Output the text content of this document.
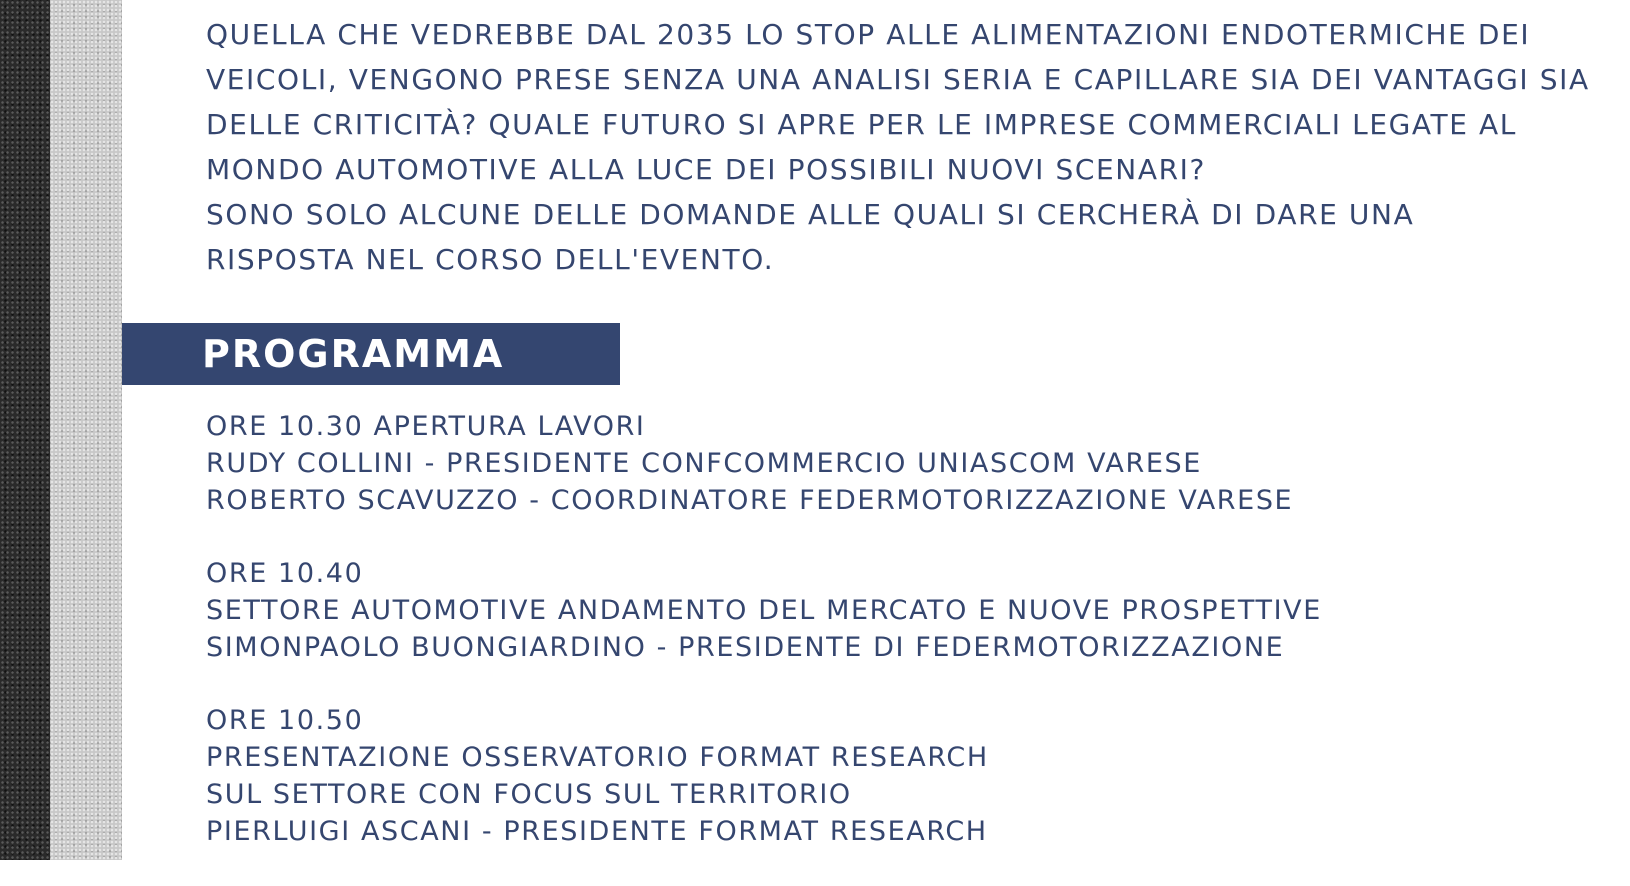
QUELLA CHE VEDREBBE DAL 2035 LO STOP ALLE ALIMENTAZIONI ENDOTERMICHE DEI
VEICOLI, VENGONO PRESE SENZA UNA ANALISI SERIA E CAPILLARE SIA DEI VANTAGGI SIA
DELLE CRITICITÀ? QUALE FUTURO SI APRE PER LE IMPRESE COMMERCIALI LEGATE AL
MONDO AUTOMOTIVE ALLA LUCE DEI POSSIBILI NUOVI SCENARI?
SONO SOLO ALCUNE DELLE DOMANDE ALLE QUALI SI CERCHERÀ DI DARE UNA
RISPOSTA NEL CORSO DELL'EVENTO.
PROGRAMMA
ORE 10.30 APERTURA LAVORI
RUDY COLLINI - PRESIDENTE CONFCOMMERCIO UNIASCOM VARESE
ROBERTO SCAVUZZO - COORDINATORE FEDERMOTORIZZAZIONE VARESE
ORE 10.40
SETTORE AUTOMOTIVE ANDAMENTO DEL MERCATO E NUOVE PROSPETTIVE
SIMONPAOLO BUONGIARDINO - PRESIDENTE DI FEDERMOTORIZZAZIONE
ORE 10.50
PRESENTAZIONE OSSERVATORIO FORMAT RESEARCH
SUL SETTORE CON FOCUS SUL TERRITORIO
PIERLUIGI ASCANI - PRESIDENTE FORMAT RESEARCH
